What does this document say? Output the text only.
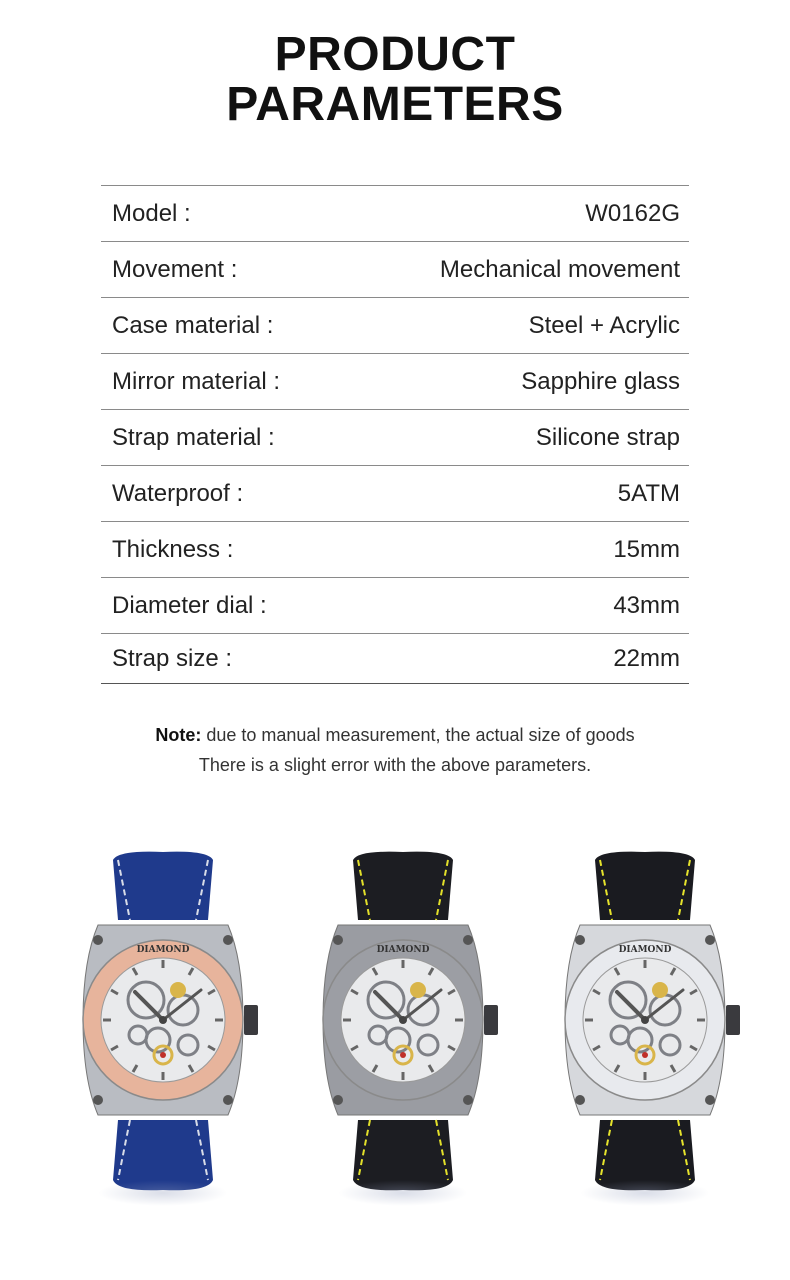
PRODUCT
PARAMETERS
Model :	W0162G
Movement :	Mechanical movement
Case material :	Steel + Acrylic
Mirror material :	Sapphire glass
Strap material :	Silicone strap
Waterproof :	5ATM
Thickness :	15mm
Diameter dial :	43mm
Strap size :	22mm
Note: due to manual measurement, the actual size of goods
There is a slight error with the above parameters.
DIAMOND	DIAMOND	DIAMOND
